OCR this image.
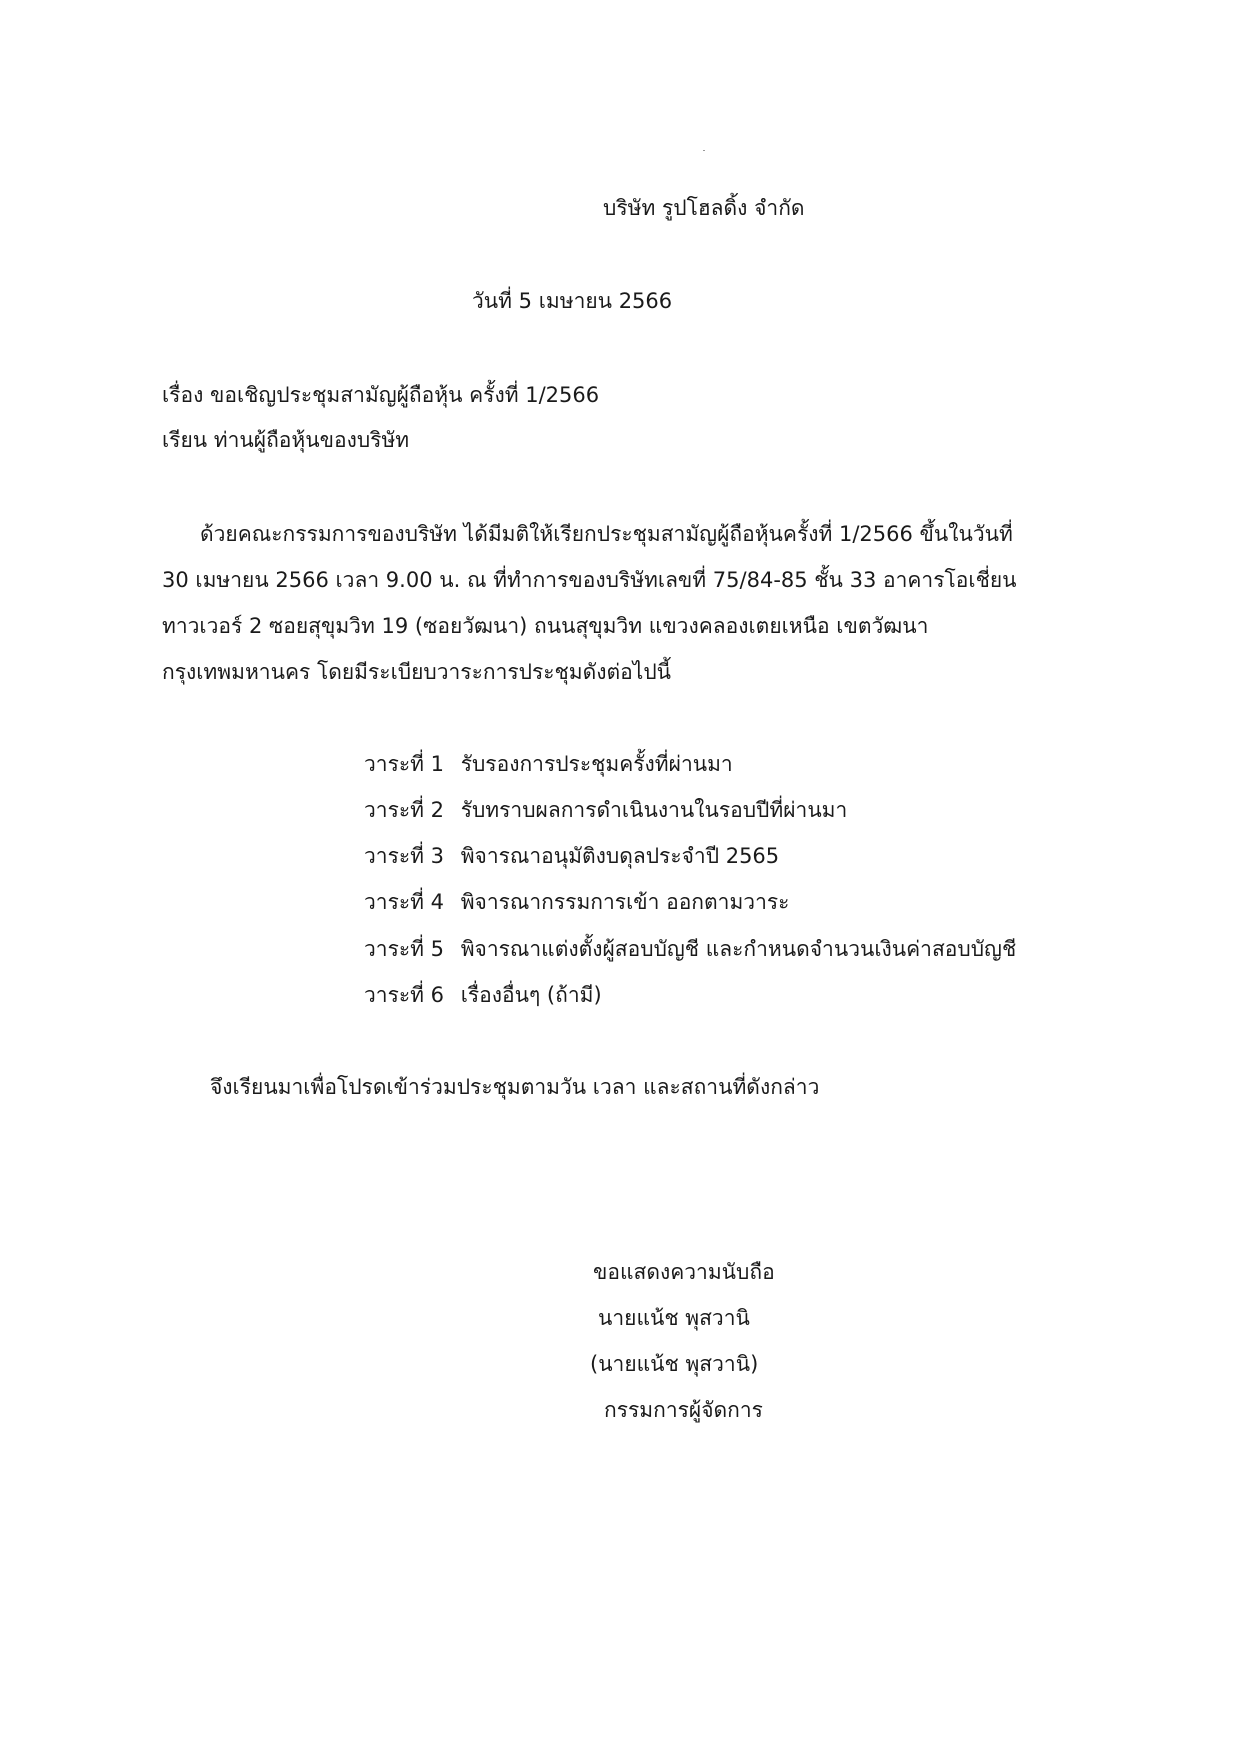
บริษัท รูปโฮลดิ้ง จำกัด
วันที่ 5 เมษายน 2566
เรื่อง ขอเชิญประชุมสามัญผู้ถือหุ้น ครั้งที่ 1/2566
เรียน ท่านผู้ถือหุ้นของบริษัท
ด้วยคณะกรรมการของบริษัท ได้มีมติให้เรียกประชุมสามัญผู้ถือหุ้นครั้งที่ 1/2566 ขึ้นในวันที่
30 เมษายน 2566 เวลา 9.00 น. ณ ที่ทำการของบริษัทเลขที่ 75/84-85 ชั้น 33 อาคารโอเชี่ยน
ทาวเวอร์ 2 ซอยสุขุมวิท 19 (ซอยวัฒนา) ถนนสุขุมวิท แขวงคลองเตยเหนือ เขตวัฒนา
กรุงเทพมหานคร โดยมีระเบียบวาระการประชุมดังต่อไปนี้
วาระที่ 1 รับรองการประชุมครั้งที่ผ่านมา
วาระที่ 2 รับทราบผลการดำเนินงานในรอบปีที่ผ่านมา
วาระที่ 3 พิจารณาอนุมัติงบดุลประจำปี 2565
วาระที่ 4 พิจารณากรรมการเข้า ออกตามวาระ
วาระที่ 5 พิจารณาแต่งตั้งผู้สอบบัญชี และกำหนดจำนวนเงินค่าสอบบัญชี
วาระที่ 6 เรื่องอื่นๆ (ถ้ามี)
จึงเรียนมาเพื่อโปรดเข้าร่วมประชุมตามวัน เวลา และสถานที่ดังกล่าว
ขอแสดงความนับถือ
นายแน้ช พุสวานิ
(นายแน้ช พุสวานิ)
กรรมการผู้จัดการ
